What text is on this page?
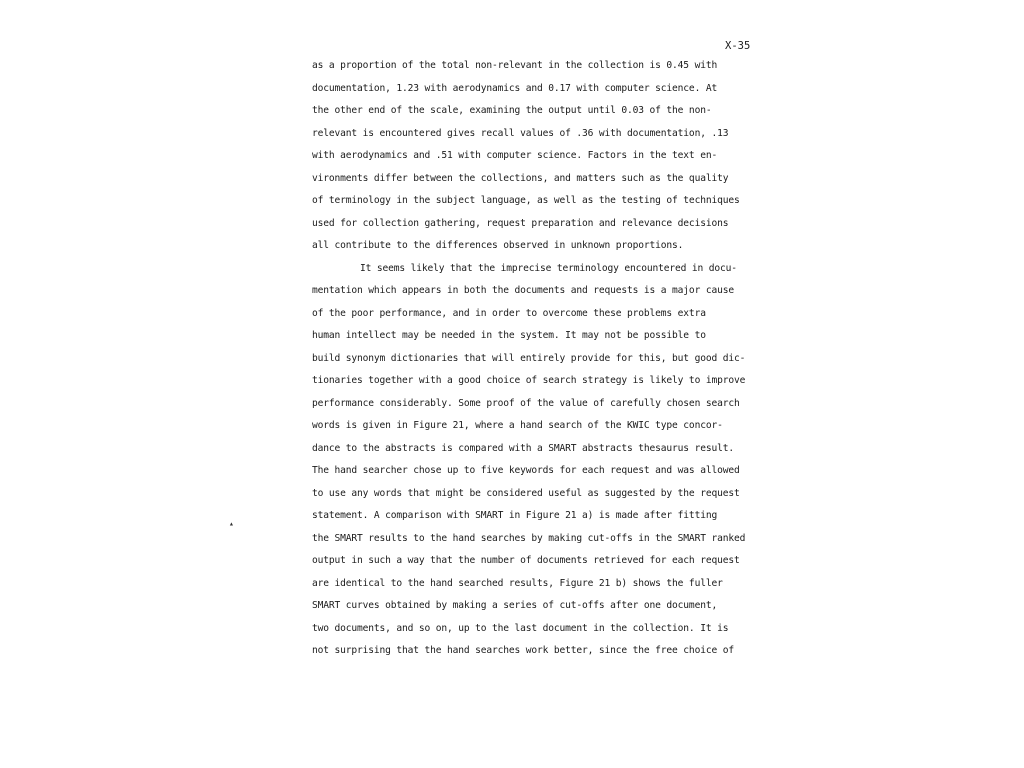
X-35
as a proportion of the total non-relevant in the collection is 0.45 with
documentation, 1.23 with aerodynamics and 0.17 with computer science. At
the other end of the scale, examining the output until 0.03 of the non-
relevant is encountered gives recall values of .36 with documentation, .13
with aerodynamics and .51 with computer science. Factors in the text en-
vironments differ between the collections, and matters such as the quality
of terminology in the subject language, as well as the testing of techniques
used for collection gathering, request preparation and relevance decisions
all contribute to the differences observed in unknown proportions.
It seems likely that the imprecise terminology encountered in docu-
mentation which appears in both the documents and requests is a major cause
of the poor performance, and in order to overcome these problems extra
human intellect may be needed in the system. It may not be possible to
build synonym dictionaries that will entirely provide for this, but good dic-
tionaries together with a good choice of search strategy is likely to improve
performance considerably. Some proof of the value of carefully chosen search
words is given in Figure 21, where a hand search of the KWIC type concor-
dance to the abstracts is compared with a SMART abstracts thesaurus result.
The hand searcher chose up to five keywords for each request and was allowed
to use any words that might be considered useful as suggested by the request
statement. A comparison with SMART in Figure 21 a) is made after fitting
the SMART results to the hand searches by making cut-offs in the SMART ranked
output in such a way that the number of documents retrieved for each request
are identical to the hand searched results, Figure 21 b) shows the fuller
SMART curves obtained by making a series of cut-offs after one document,
two documents, and so on, up to the last document in the collection. It is
not surprising that the hand searches work better, since the free choice of
▴
